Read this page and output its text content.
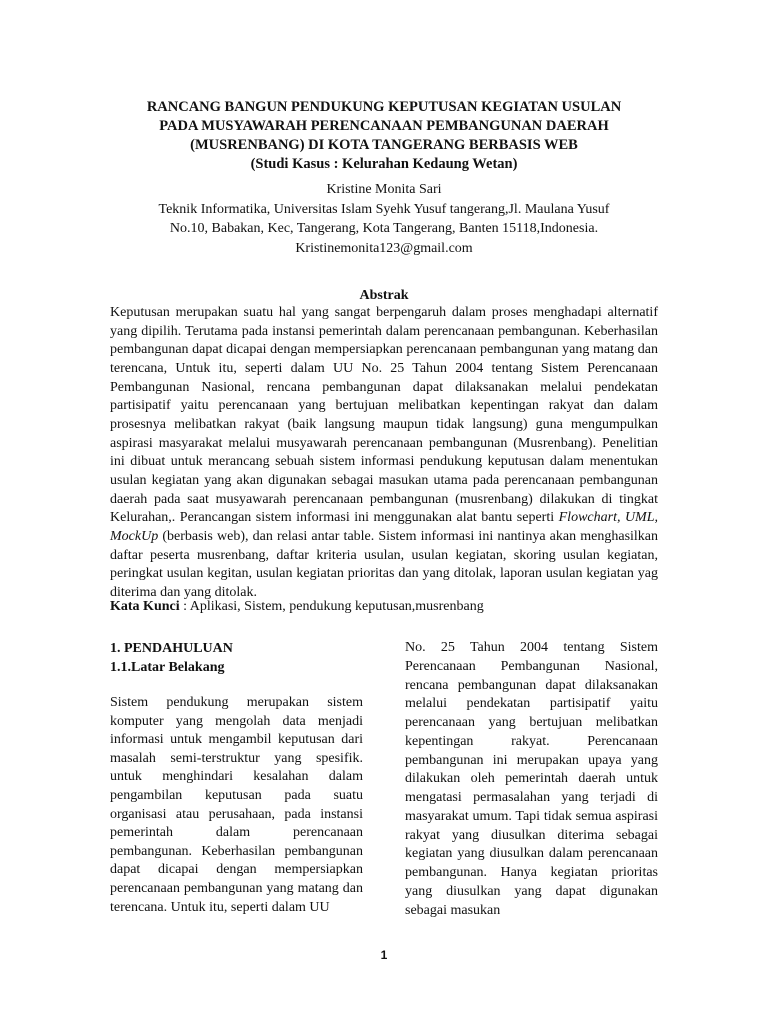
RANCANG BANGUN PENDUKUNG KEPUTUSAN KEGIATAN USULAN
PADA MUSYAWARAH PERENCANAAN PEMBANGUNAN DAERAH
(MUSRENBANG) DI KOTA TANGERANG BERBASIS WEB
(Studi Kasus : Kelurahan Kedaung Wetan)
Kristine Monita Sari
Teknik Informatika, Universitas Islam Syehk Yusuf tangerang,Jl. Maulana Yusuf
No.10, Babakan, Kec, Tangerang, Kota Tangerang, Banten 15118,Indonesia.
Kristinemonita123@gmail.com
Abstrak
Keputusan merupakan suatu hal yang sangat berpengaruh dalam proses menghadapi alternatif yang dipilih. Terutama pada instansi pemerintah dalam perencanaan pembangunan. Keberhasilan pembangunan dapat dicapai dengan mempersiapkan perencanaan pembangunan yang matang dan terencana, Untuk itu, seperti dalam UU No. 25 Tahun 2004 tentang Sistem Perencanaan Pembangunan Nasional, rencana pembangunan dapat dilaksanakan melalui pendekatan partisipatif yaitu perencanaan yang bertujuan melibatkan kepentingan rakyat dan dalam prosesnya melibatkan rakyat (baik langsung maupun tidak langsung) guna mengumpulkan aspirasi masyarakat melalui musyawarah perencanaan pembangunan (Musrenbang). Penelitian ini dibuat untuk merancang sebuah sistem informasi pendukung keputusan dalam menentukan usulan kegiatan yang akan digunakan sebagai masukan utama pada perencanaan pembangunan daerah pada saat musyawarah perencanaan pembangunan (musrenbang) dilakukan di tingkat Kelurahan,. Perancangan sistem informasi ini menggunakan alat bantu seperti Flowchart, UML, MockUp (berbasis web), dan relasi antar table. Sistem informasi ini nantinya akan menghasilkan daftar peserta musrenbang, daftar kriteria usulan, usulan kegiatan, skoring usulan kegiatan, peringkat usulan kegitan, usulan kegiatan prioritas dan yang ditolak, laporan usulan kegiatan yag diterima dan yang ditolak.
Kata Kunci : Aplikasi, Sistem, pendukung keputusan,musrenbang
1. PENDAHULUAN
1.1.Latar Belakang
Sistem pendukung merupakan sistem komputer yang mengolah data menjadi informasi untuk mengambil keputusan dari masalah semi-terstruktur yang spesifik. untuk menghindari kesalahan dalam pengambilan keputusan pada suatu organisasi atau perusahaan, pada instansi pemerintah dalam perencanaan pembangunan. Keberhasilan pembangunan dapat dicapai dengan mempersiapkan perencanaan pembangunan yang matang dan terencana. Untuk itu, seperti dalam UU
No. 25 Tahun 2004 tentang Sistem Perencanaan Pembangunan Nasional, rencana pembangunan dapat dilaksanakan melalui pendekatan partisipatif yaitu perencanaan yang bertujuan melibatkan kepentingan rakyat. Perencanaan pembangunan ini merupakan upaya yang dilakukan oleh pemerintah daerah untuk mengatasi permasalahan yang terjadi di masyarakat umum. Tapi tidak semua aspirasi rakyat yang diusulkan diterima sebagai kegiatan yang diusulkan dalam perencanaan pembangunan. Hanya kegiatan prioritas yang diusulkan yang dapat digunakan sebagai masukan
1
